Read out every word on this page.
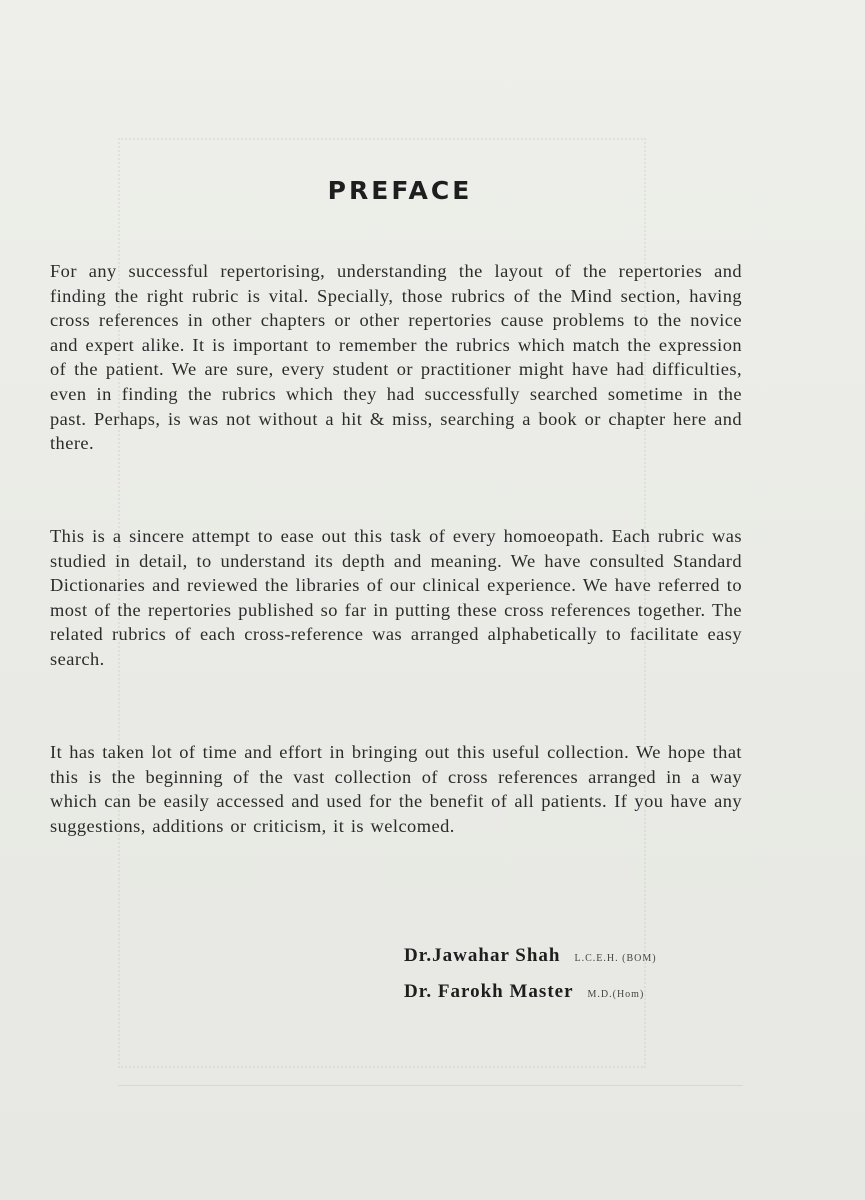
PREFACE

For any successful repertorising, understanding the layout of the repertories and finding the right rubric is vital. Specially, those rubrics of the Mind section, having cross references in other chapters or other repertories cause problems to the novice and expert alike. It is important to remember the rubrics which match the expression of the patient. We are sure, every student or practitioner might have had difficulties, even in finding the rubrics which they had successfully searched sometime in the past. Perhaps, is was not without a hit & miss, searching a book or chapter here and there.

This is a sincere attempt to ease out this task of every homoeopath. Each rubric was studied in detail, to understand its depth and meaning. We have consulted Standard Dictionaries and reviewed the libraries of our clinical experience. We have referred to most of the repertories published so far in putting these cross references together. The related rubrics of each cross-reference was arranged alphabetically to facilitate easy search.

It has taken lot of time and effort in bringing out this useful collection. We hope that this is the beginning of the vast collection of cross references arranged in a way which can be easily accessed and used for the benefit of all patients. If you have any suggestions, additions or criticism, it is welcomed.

Dr.Jawahar Shah L.C.E.H. (BOM)
Dr. Farokh Master M.D.(Hom)
